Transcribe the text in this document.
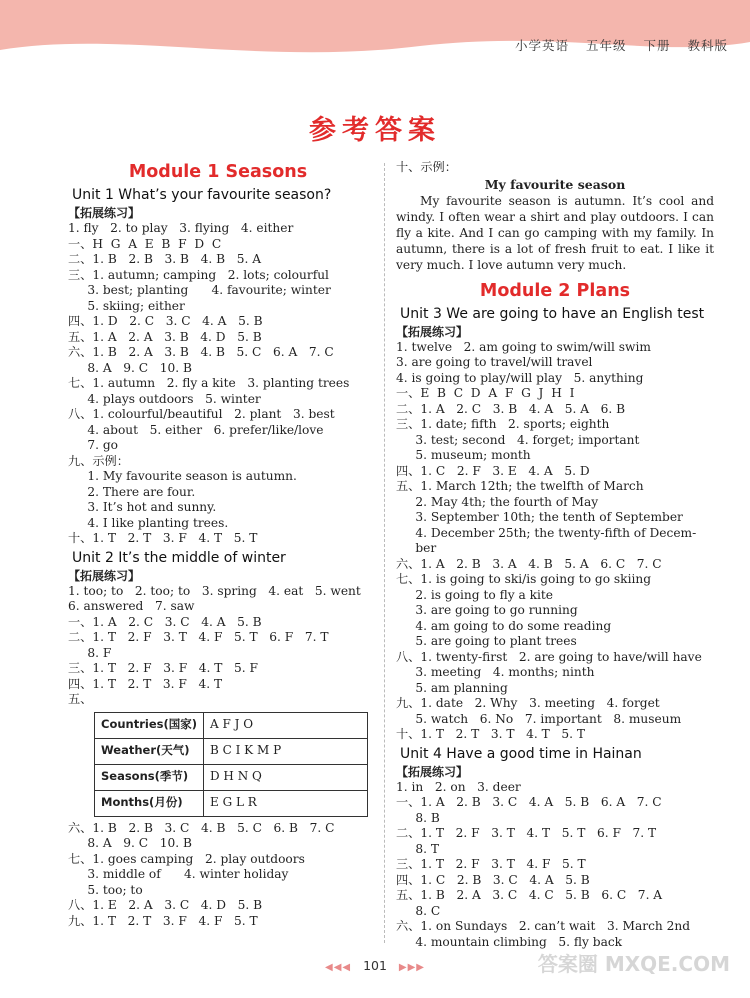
小学英语 五年级 下册 教科版
参考答案
Module 1 Seasons
Unit 1 What’s your favourite season?
【拓展练习】
1. fly   2. to play   3. flying   4. either
一、H  G  A  E  B  F  D  C
二、1. B   2. B   3. B   4. B   5. A
三、1. autumn; camping   2. lots; colourful
3. best; planting      4. favourite; winter
5. skiing; either
四、1. D   2. C   3. C   4. A   5. B
五、1. A   2. A   3. B   4. D   5. B
六、1. B   2. A   3. B   4. B   5. C   6. A   7. C
8. A   9. C   10. B
七、1. autumn   2. fly a kite   3. planting trees
4. plays outdoors   5. winter
八、1. colourful/beautiful   2. plant   3. best
4. about   5. either   6. prefer/like/love
7. go
九、示例：
1. My favourite season is autumn.
2. There are four.
3. It’s hot and sunny.
4. I like planting trees.
十、1. T   2. T   3. F   4. T   5. T
Unit 2 It’s the middle of winter
【拓展练习】
1. too; to   2. too; to   3. spring   4. eat   5. went
6. answered   7. saw
一、1. A   2. C   3. C   4. A   5. B
二、1. T   2. F   3. T   4. F   5. T   6. F   7. T
8. F
三、1. T   2. F   3. F   4. T   5. F
四、1. T   2. T   3. F   4. T
五、
Countries(国家)	A F J O
Weather(天气)	B C I K M P
Seasons(季节)	D H N Q
Months(月份)	E G L R
六、1. B   2. B   3. C   4. B   5. C   6. B   7. C
8. A   9. C   10. B
七、1. goes camping   2. play outdoors
3. middle of      4. winter holiday
5. too; to
八、1. E   2. A   3. C   4. D   5. B
九、1. T   2. T   3. F   4. F   5. T
十、示例：
My favourite season
My favourite season is autumn. It’s cool and windy. I often wear a shirt and play outdoors. I can fly a kite. And I can go camping with my family. In autumn, there is a lot of fresh fruit to eat. I like it very much. I love autumn very much.
Module 2 Plans
Unit 3 We are going to have an English test
【拓展练习】
1. twelve   2. am going to swim/will swim
3. are going to travel/will travel
4. is going to play/will play   5. anything
一、E  B  C  D  A  F  G  J  H  I
二、1. A   2. C   3. B   4. A   5. A   6. B
三、1. date; fifth   2. sports; eighth
3. test; second   4. forget; important
5. museum; month
四、1. C   2. F   3. E   4. A   5. D
五、1. March 12th; the twelfth of March
2. May 4th; the fourth of May
3. September 10th; the tenth of September
4. December 25th; the twenty-fifth of Decem-
ber
六、1. A   2. B   3. A   4. B   5. A   6. C   7. C
七、1. is going to ski/is going to go skiing
2. is going to fly a kite
3. are going to go running
4. am going to do some reading
5. are going to plant trees
八、1. twenty-first   2. are going to have/will have
3. meeting   4. months; ninth
5. am planning
九、1. date   2. Why   3. meeting   4. forget
5. watch   6. No   7. important   8. museum
十、1. T   2. T   3. T   4. T   5. T
Unit 4 Have a good time in Hainan
【拓展练习】
1. in   2. on   3. deer
一、1. A   2. B   3. C   4. A   5. B   6. A   7. C
8. B
二、1. T   2. F   3. T   4. T   5. T   6. F   7. T
8. T
三、1. T   2. F   3. T   4. F   5. T
四、1. C   2. B   3. C   4. A   5. B
五、1. B   2. A   3. C   4. C   5. B   6. C   7. A
8. C
六、1. on Sundays   2. can’t wait   3. March 2nd
4. mountain climbing   5. fly back
◀◀◀ 101 ▶▶▶	答案圈 MXQE.COM
